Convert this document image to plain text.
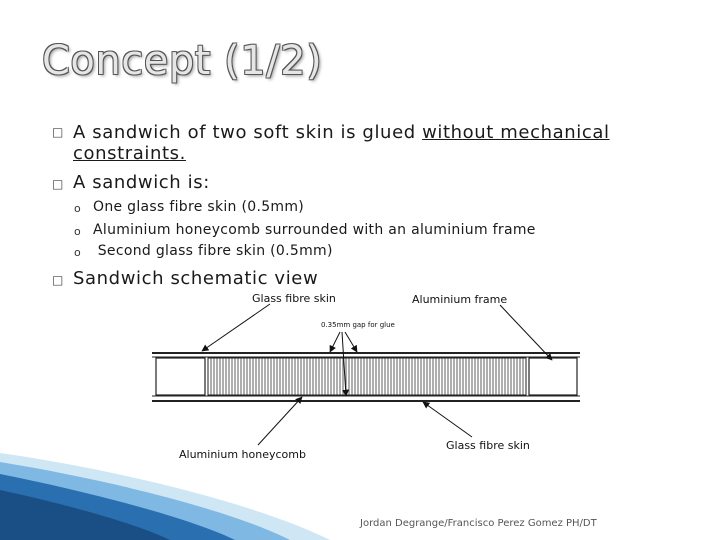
Concept (1/2)
□ A sandwich of two soft skin is glued without mechanical
constraints.
□ A sandwich is:
o One glass fibre skin (0.5mm)
o Aluminium honeycomb surrounded with an aluminium frame
o Second glass fibre skin (0.5mm)
□ Sandwich schematic view
Glass fibre skin	Aluminium frame
0.35mm gap for glue
Aluminium honeycomb
Glass fibre skin
Jordan Degrange/Francisco Perez Gomez PH/DT
